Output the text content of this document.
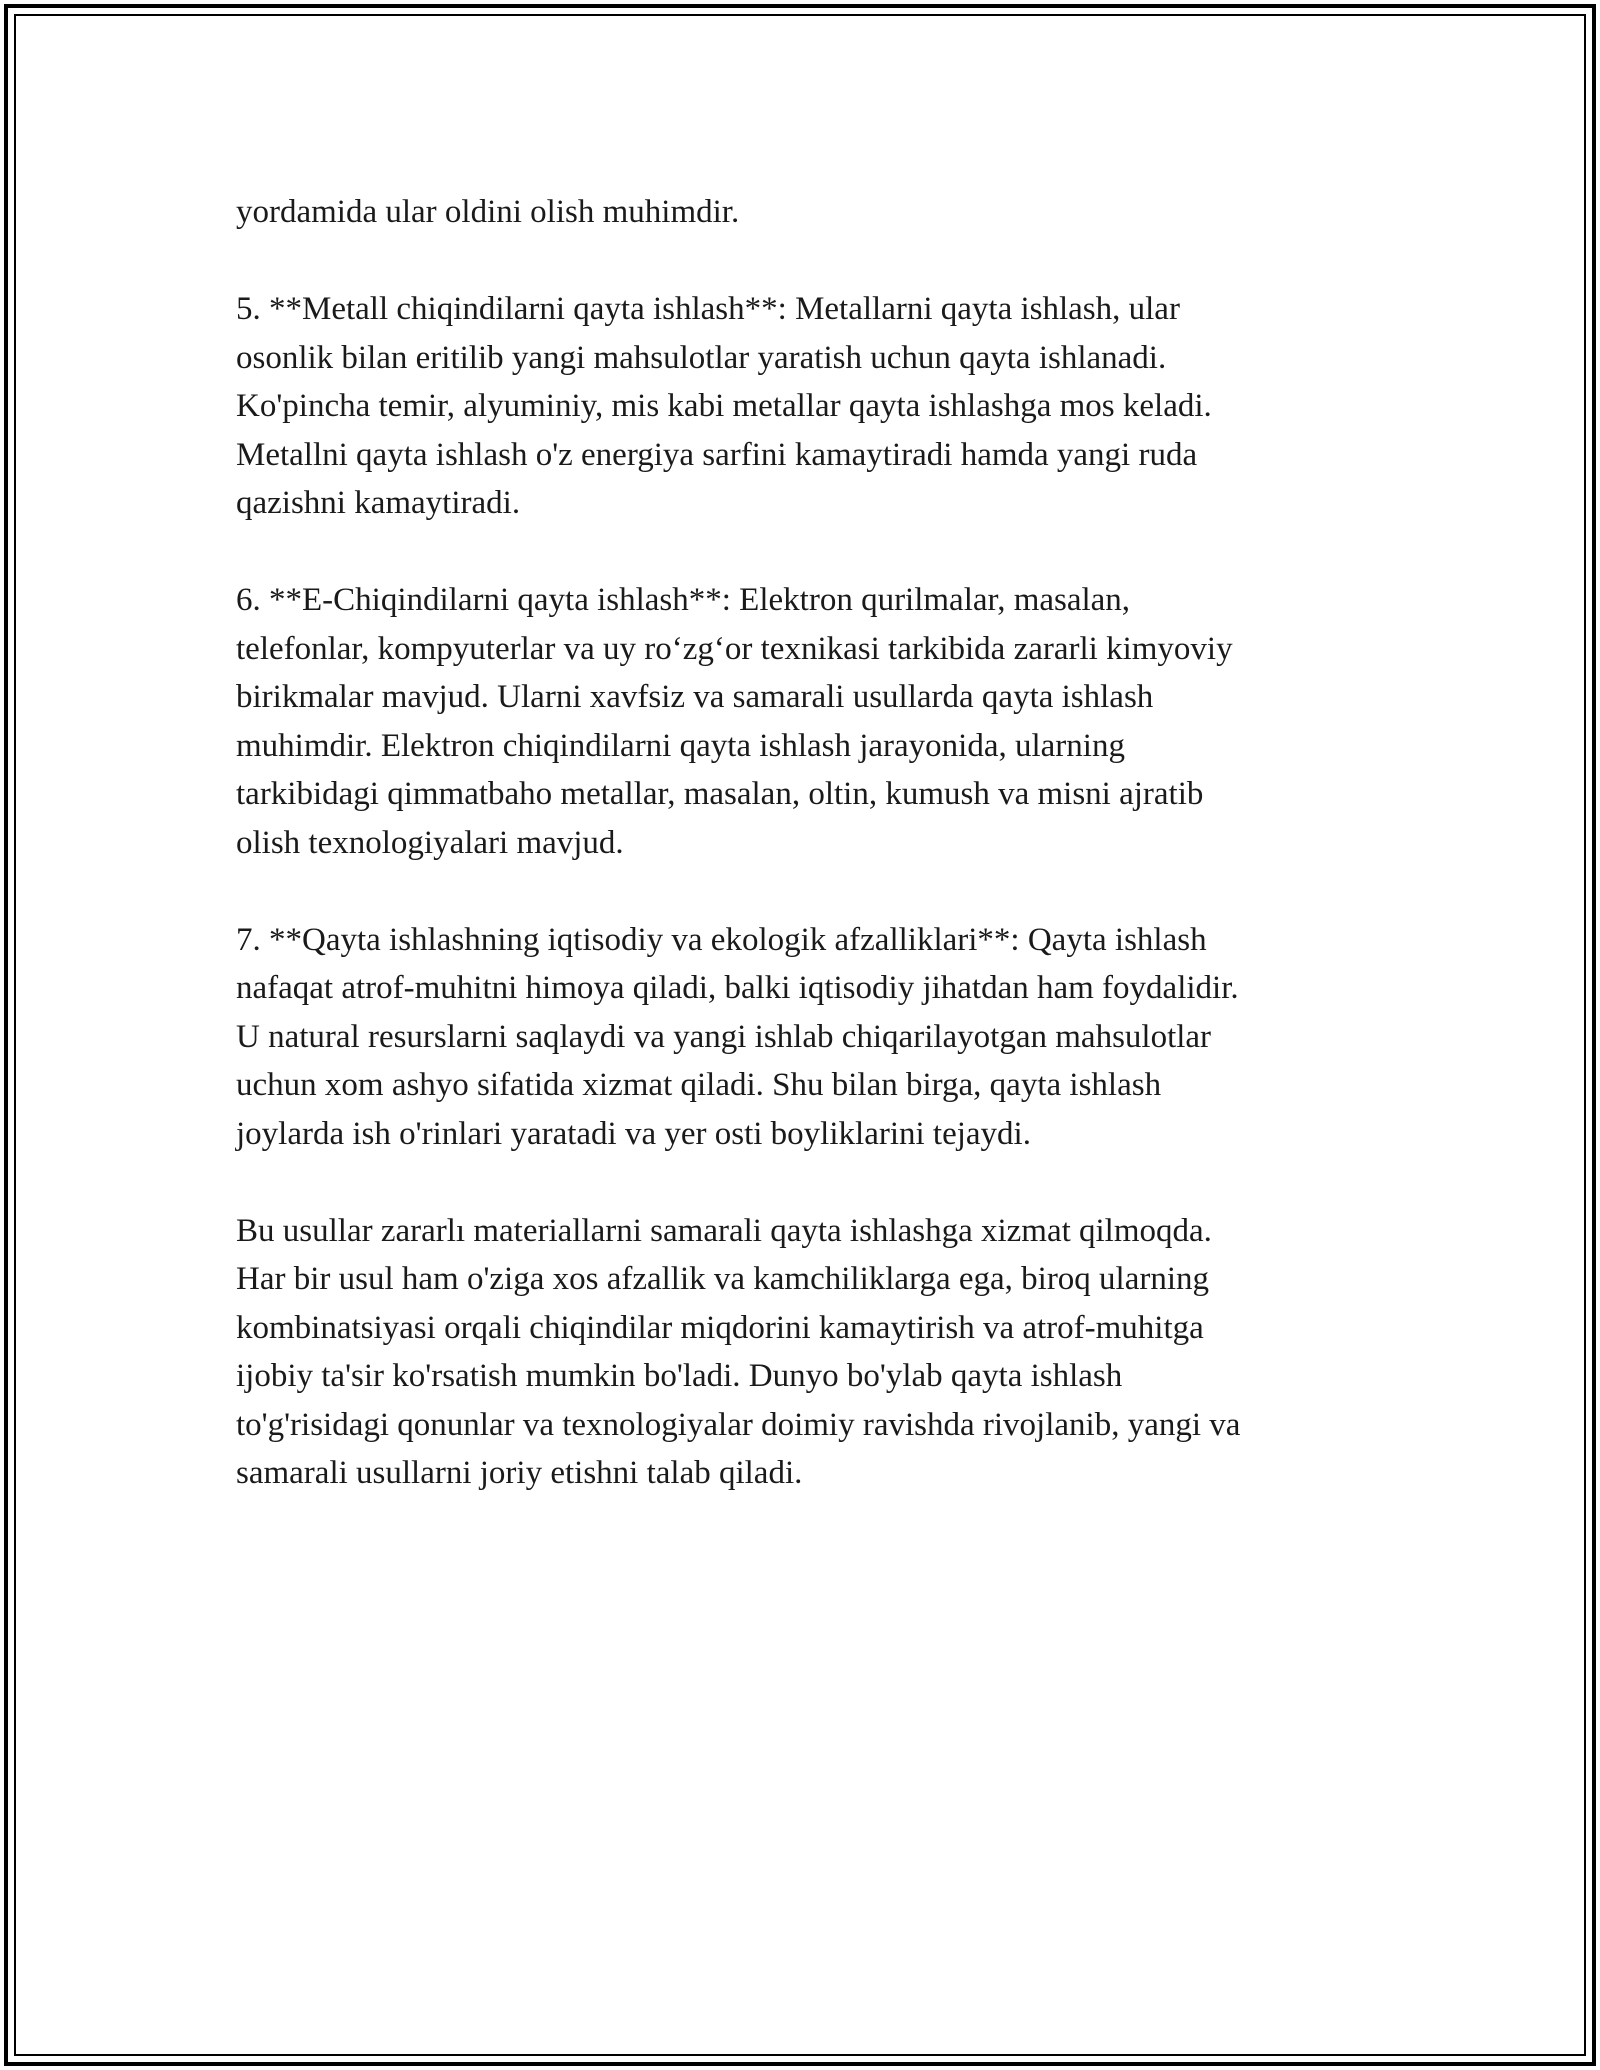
yordamida ular oldini olish muhimdir.

5. **Metall chiqindilarni qayta ishlash**: Metallarni qayta ishlash, ular
osonlik bilan eritilib yangi mahsulotlar yaratish uchun qayta ishlanadi.
Ko'pincha temir, alyuminiy, mis kabi metallar qayta ishlashga mos keladi.
Metallni qayta ishlash o'z energiya sarfini kamaytiradi hamda yangi ruda
qazishni kamaytiradi.

6. **E-Chiqindilarni qayta ishlash**: Elektron qurilmalar, masalan,
telefonlar, kompyuterlar va uy ro‘zg‘or texnikasi tarkibida zararli kimyoviy
birikmalar mavjud. Ularni xavfsiz va samarali usullarda qayta ishlash
muhimdir. Elektron chiqindilarni qayta ishlash jarayonida, ularning
tarkibidagi qimmatbaho metallar, masalan, oltin, kumush va misni ajratib
olish texnologiyalari mavjud.

7. **Qayta ishlashning iqtisodiy va ekologik afzalliklari**: Qayta ishlash
nafaqat atrof-muhitni himoya qiladi, balki iqtisodiy jihatdan ham foydalidir.
U natural resurslarni saqlaydi va yangi ishlab chiqarilayotgan mahsulotlar
uchun xom ashyo sifatida xizmat qiladi. Shu bilan birga, qayta ishlash
joylarda ish o'rinlari yaratadi va yer osti boyliklarini tejaydi.

Bu usullar zararlı materiallarni samarali qayta ishlashga xizmat qilmoqda.
Har bir usul ham o'ziga xos afzallik va kamchiliklarga ega, biroq ularning
kombinatsiyasi orqali chiqindilar miqdorini kamaytirish va atrof-muhitga
ijobiy ta'sir ko'rsatish mumkin bo'ladi. Dunyo bo'ylab qayta ishlash
to'g'risidagi qonunlar va texnologiyalar doimiy ravishda rivojlanib, yangi va
samarali usullarni joriy etishni talab qiladi.
